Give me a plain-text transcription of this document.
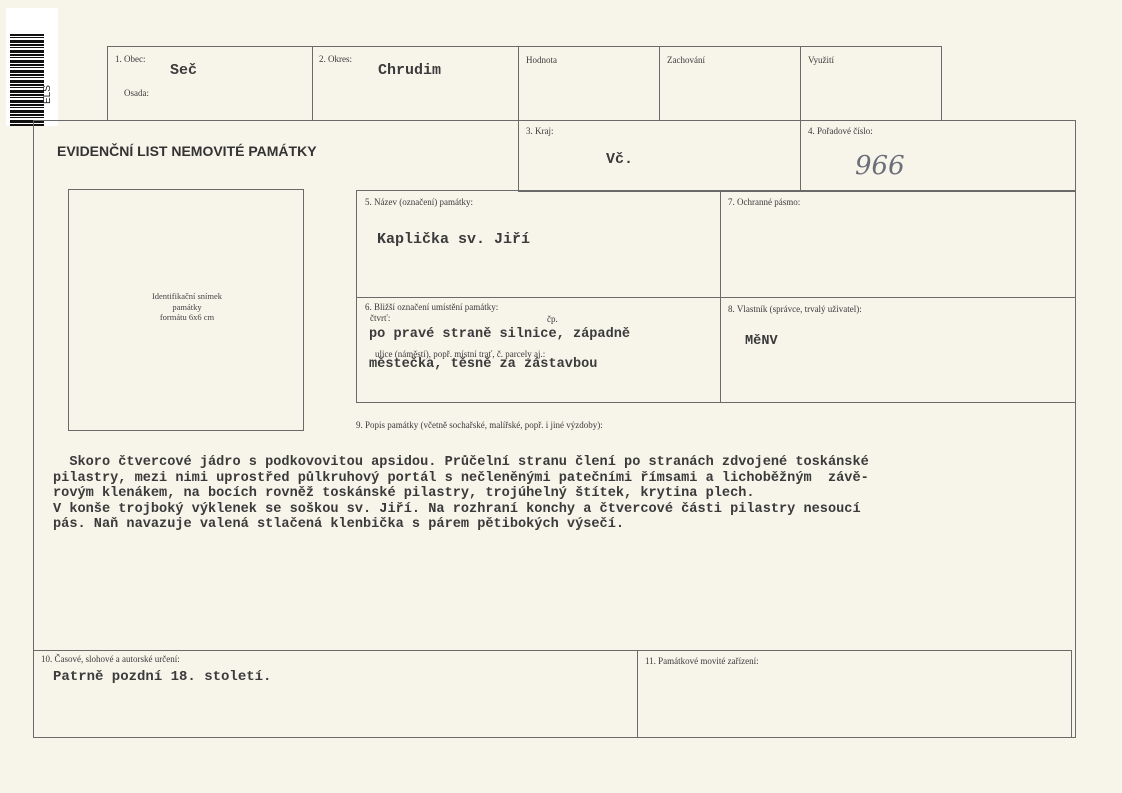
ELS
1. Obec:
Seč
Osada:
2. Okres:
Chrudim
Hodnota	Zachování	Využití
EVIDENČNÍ LIST NEMOVITÉ PAMÁTKY
3. Kraj:
Vč.
4. Pořadové číslo:
966
Identifikační snímek
památky
formátu 6x6 cm
5. Název (označení) památky:
Kaplička sv. Jiří
7. Ochranné pásmo:
6. Bližší označení umístění památky:
čtvrť:	čp.
po pravé straně silnice, západně
ulice (náměstí), popř. místní trať, č. parcely aj.:
městečka, těsně za zástavbou
8. Vlastník (správce, trvalý uživatel):
MěNV
9. Popis památky (včetně sochařské, malířské, popř. i jiné výzdoby):
Skoro čtvercové jádro s podkovovitou apsidou. Průčelní stranu člení po stranách zdvojené toskánské
pilastry, mezi nimi uprostřed půlkruhový portál s nečleněnými patečními římsami a lichoběžným  závě-
rovým klenákem, na bocích rovněž toskánské pilastry, trojúhelný štítek, krytina plech.
V konše trojboký výklenek se soškou sv. Jiří. Na rozhraní konchy a čtvercové části pilastry nesoucí
pás. Naň navazuje valená stlačená klenbička s párem pětibokých výsečí.
10. Časové, slohové a autorské určení:
Patrně pozdní 18. století.
11. Památkové movité zařízení:
